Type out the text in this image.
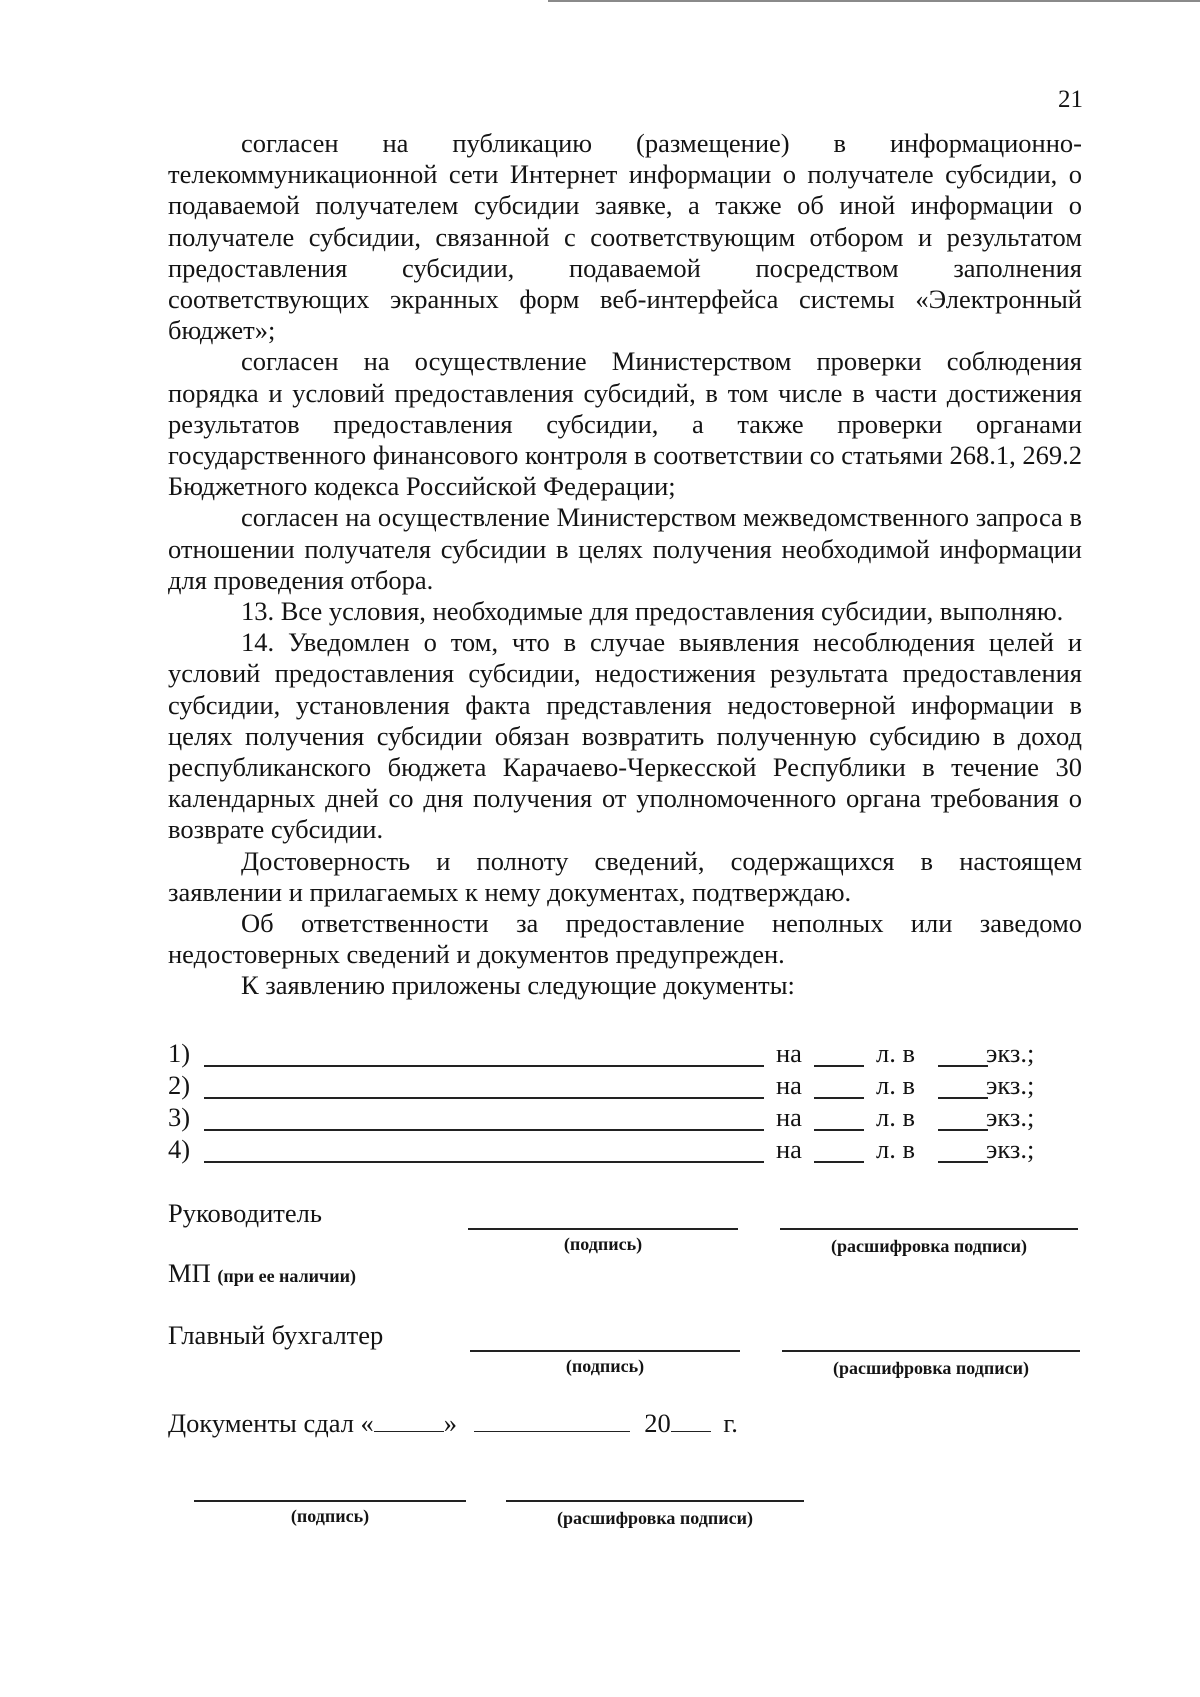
21

согласен на публикацию (размещение) в информационно- телекоммуникационной сети Интернет информации о получателе субсидии, о подаваемой получателем субсидии заявке, а также об иной информации о получателе субсидии, связанной с соответствующим отбором и результатом предоставления субсидии, подаваемой посредством заполнения соответствующих экранных форм веб-интерфейса системы «Электронный бюджет»;

согласен на осуществление Министерством проверки соблюдения порядка и условий предоставления субсидий, в том числе в части достижения результатов предоставления субсидии, а также проверки органами государственного финансового контроля в соответствии со статьями 268.1, 269.2 Бюджетного кодекса Российской Федерации;

согласен на осуществление Министерством межведомственного запроса в отношении получателя субсидии в целях получения необходимой информации для проведения отбора.

13. Все условия, необходимые для предоставления субсидии, выполняю.

14. Уведомлен о том, что в случае выявления несоблюдения целей и условий предоставления субсидии, недостижения результата предоставления субсидии, установления факта представления недостоверной информации в целях получения субсидии обязан возвратить полученную субсидию в доход республиканского бюджета Карачаево-Черкесской Республики в течение 30 календарных дней со дня получения от уполномоченного органа требования о возврате субсидии.

Достоверность и полноту сведений, содержащихся в настоящем заявлении и прилагаемых к нему документах, подтверждаю.

Об ответственности за предоставление неполных или заведомо недостоверных сведений и документов предупрежден.

К заявлению приложены следующие документы:

1)	на	л. в	экз.;
2)	на	л. в	экз.;
3)	на	л. в	экз.;
4)	на	л. в	экз.;
Руководитель
(подпись)	(расшифровка подписи)
МП (при ее наличии)
Главный бухгалтер
(подпись)	(расшифровка подписи)
Документы сдал «	»	20 г.
(подпись)	(расшифровка подписи)
